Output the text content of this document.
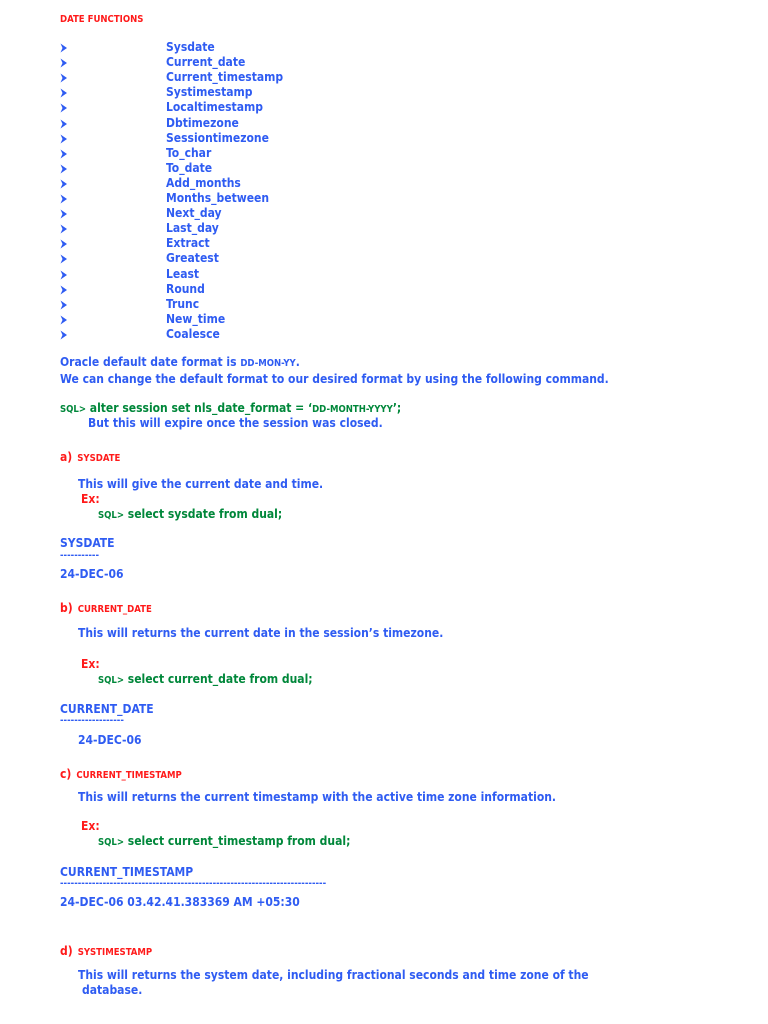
DATE FUNCTIONS
Sysdate
Current_date
Current_timestamp
Systimestamp
Localtimestamp
Dbtimezone
Sessiontimezone
To_char
To_date
Add_months
Months_between
Next_day
Last_day
Extract
Greatest
Least
Round
Trunc
New_time
Coalesce
Oracle default date format is DD-MON-YY.
We can change the default format to our desired format by using the following command.
SQL> alter session set nls_date_format = ‘DD-MONTH-YYYY’;
But this will expire once the session was closed.
a) SYSDATE
This will give the current date and time.
Ex:
SQL> select sysdate from dual;
SYSDATE
-----------
24-DEC-06
b) CURRENT_DATE
This will returns the current date in the session’s timezone.
Ex:
SQL> select current_date from dual;
CURRENT_DATE
------------------
24-DEC-06
c) CURRENT_TIMESTAMP
This will returns the current timestamp with the active time zone information.
Ex:
SQL> select current_timestamp from dual;
CURRENT_TIMESTAMP
---------------------------------------------------------------------------
24-DEC-06 03.42.41.383369 AM +05:30
d) SYSTIMESTAMP
This will returns the system date, including fractional seconds and time zone of the
database.
